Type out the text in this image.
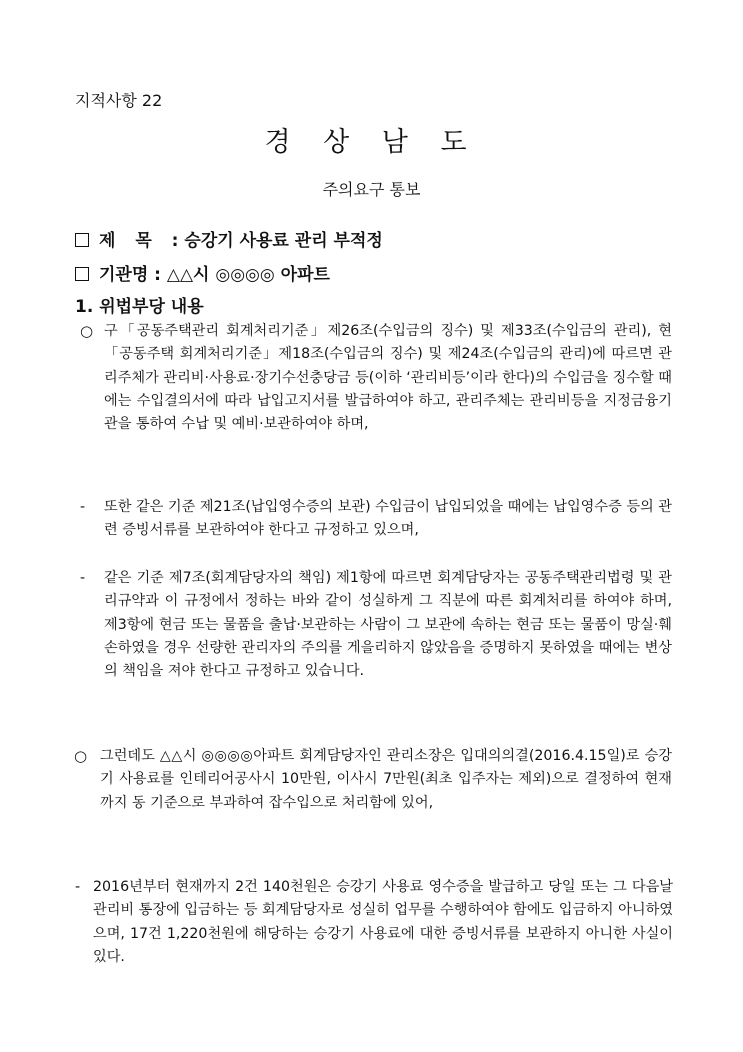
지적사항 22
경 상 남 도
주의요구 통보
제 목 : 승강기 사용료 관리 부적정
기관명 : △△시 ◎◎◎◎ 아파트
1. 위법부당 내용
○ 구「공동주택관리 회계처리기준」제26조(수입금의 징수) 및 제33조(수입금의 관리), 현「공동주택 회계처리기준」제18조(수입금의 징수) 및 제24조(수입금의 관리)에 따르면 관리주체가 관리비·사용료·장기수선충당금 등(이하 ‘관리비등’이라 한다)의 수입금을 징수할 때에는 수입결의서에 따라 납입고지서를 발급하여야 하고, 관리주체는 관리비등을 지정금융기관을 통하여 수납 및 예비·보관하여야 하며,
- 또한 같은 기준 제21조(납입영수증의 보관) 수입금이 납입되었을 때에는 납입영수증 등의 관련 증빙서류를 보관하여야 한다고 규정하고 있으며,
- 같은 기준 제7조(회계담당자의 책임) 제1항에 따르면 회계담당자는 공동주택관리법령 및 관리규약과 이 규정에서 정하는 바와 같이 성실하게 그 직분에 따른 회계처리를 하여야 하며, 제3항에 현금 또는 물품을 출납·보관하는 사람이 그 보관에 속하는 현금 또는 물품이 망실·훼손하였을 경우 선량한 관리자의 주의를 게을리하지 않았음을 증명하지 못하였을 때에는 변상의 책임을 져야 한다고 규정하고 있습니다.
○ 그런데도 △△시 ◎◎◎◎아파트 회계담당자인 관리소장은 입대의의결(2016.4.15일)로 승강기 사용료를 인테리어공사시 10만원, 이사시 7만원(최초 입주자는 제외)으로 결정하여 현재까지 동 기준으로 부과하여 잡수입으로 처리함에 있어,
- 2016년부터 현재까지 2건 140천원은 승강기 사용료 영수증을 발급하고 당일 또는 그 다음날 관리비 통장에 입금하는 등 회계담당자로 성실히 업무를 수행하여야 함에도 입금하지 아니하였으며, 17건 1,220천원에 해당하는 승강기 사용료에 대한 증빙서류를 보관하지 아니한 사실이 있다.
